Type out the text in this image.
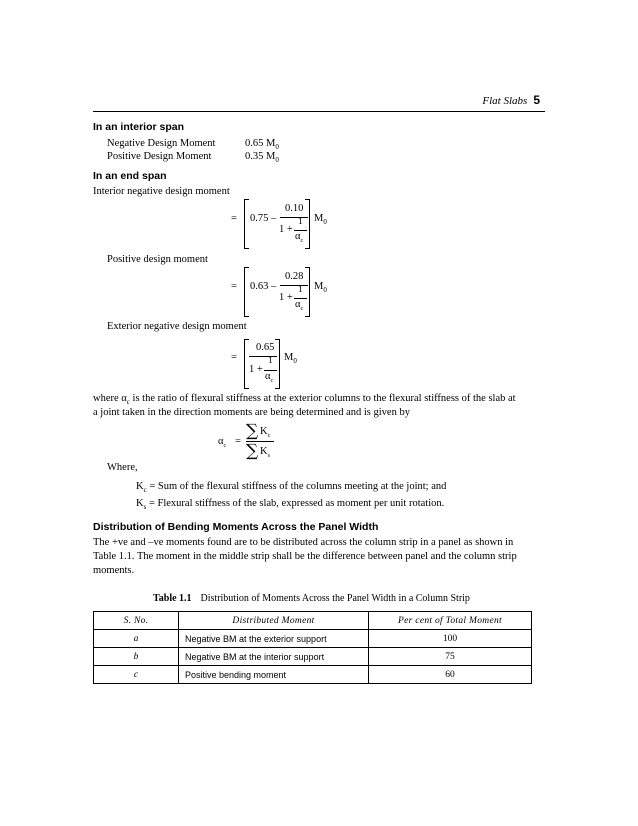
Flat Slabs 5
In an interior span
Negative Design Moment	0.65 $M_0$
Positive Design Moment	0.35 $M_0$
In an end span
Interior negative design moment
= 0.75 –
0.10
1
1 +
$\alpha_c$
$M_0$
Positive design moment
= 0.63 –
0.28
1
1 +
$\alpha_c$
$M_0$
Exterior negative design moment
=
0.65
1
1 +
$\alpha_c$
$M_0$
where $\alpha_c$ is the ratio of flexural stiffness at the exterior columns to the flexural stiffness of the slab at
a joint taken in the direction moments are being determined and is given by
$\alpha_c$ =
∑ $K_c$
∑ $K_s$
Where,
$K_c$ = Sum of the flexural stiffness of the columns meeting at the joint; and
$K_s$ = Flexural stiffness of the slab, expressed as moment per unit rotation.
Distribution of Bending Moments Across the Panel Width
The +ve and –ve moments found are to be distributed across the column strip in a panel as shown in
Table 1.1. The moment in the middle strip shall be the difference between panel and the column strip
moments.
Table 1.1 Distribution of Moments Across the Panel Width in a Column Strip
S. No.	Distributed Moment	Per cent of Total Moment
a	Negative BM at the exterior support	100
b	Negative BM at the interior support	75
c	Positive bending moment	60
